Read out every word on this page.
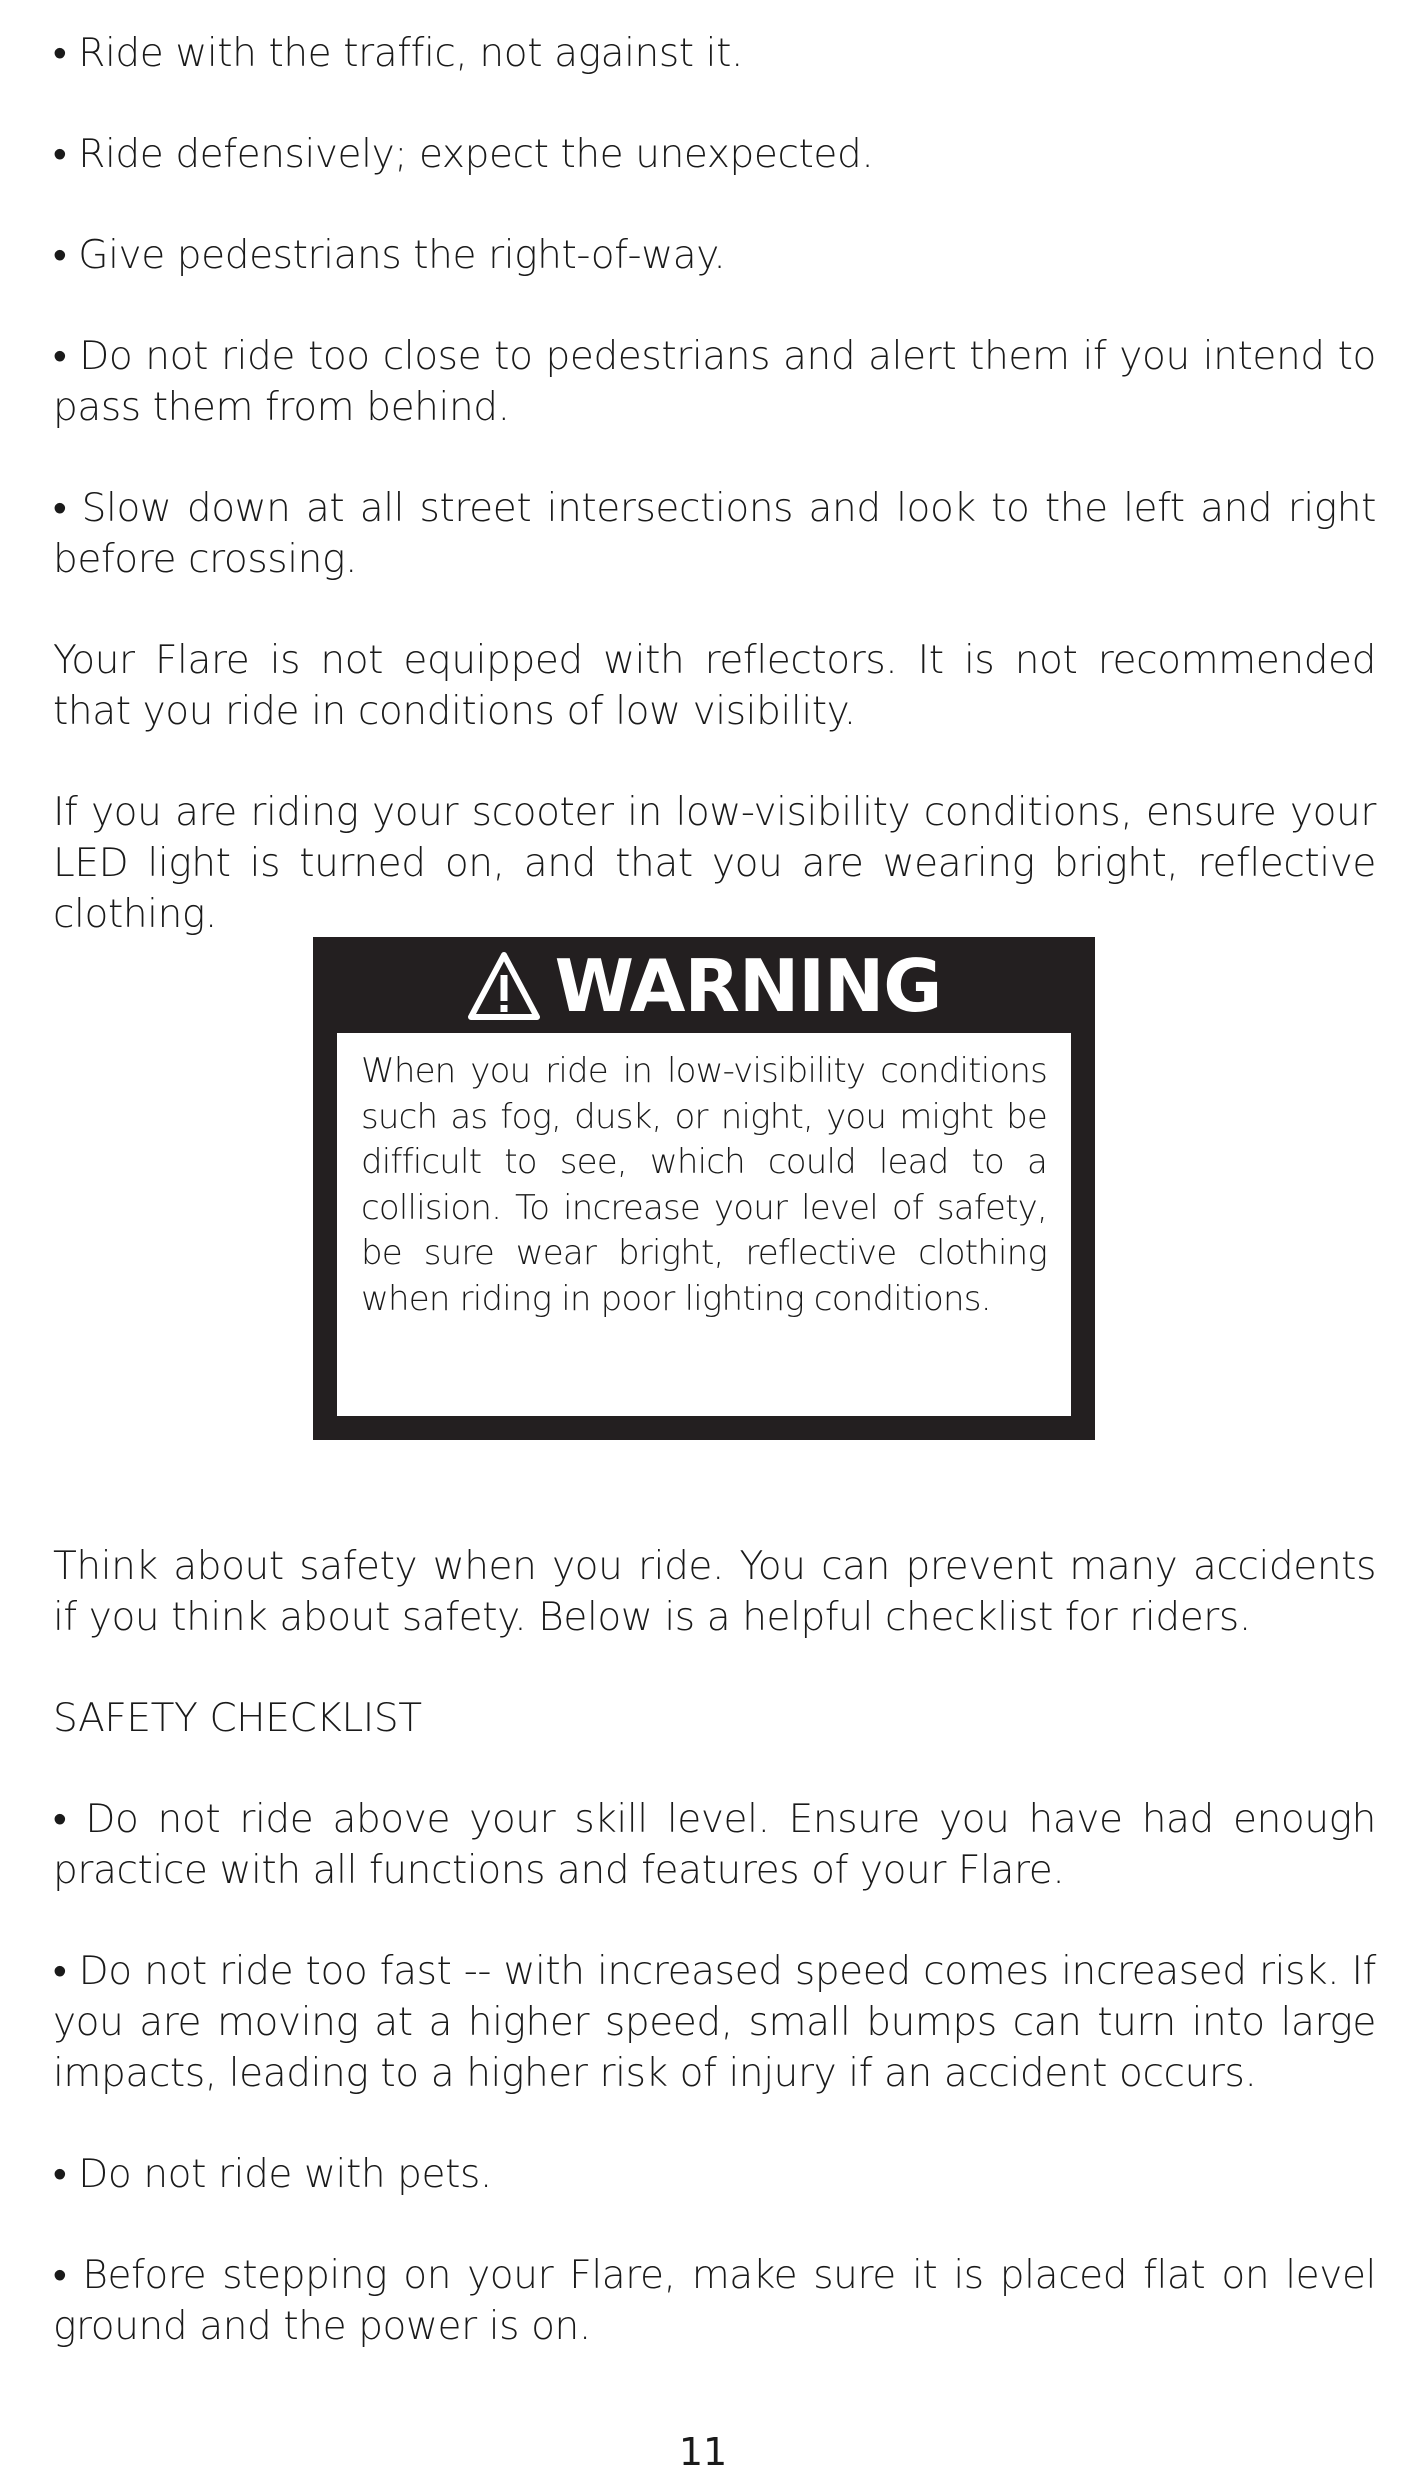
• Ride with the traffic, not against it.

• Ride defensively; expect the unexpected.

• Give pedestrians the right-of-way.

• Do not ride too close to pedestrians and alert them if you intend to pass them from behind.

• Slow down at all street intersections and look to the left and right before crossing.

Your Flare is not equipped with reflectors. It is not recommended that you ride in conditions of low visibility.

If you are riding your scooter in low-visibility conditions, ensure your LED light is turned on, and that you are wearing bright, reflective clothing.

WARNING

When you ride in low-visibility conditions such as fog, dusk, or night, you might be difficult to see, which could lead to a collision. To increase your level of safety, be sure wear bright, reflective clothing when riding in poor lighting conditions.

Think about safety when you ride. You can prevent many accidents if you think about safety. Below is a helpful checklist for riders.

SAFETY CHECKLIST

• Do not ride above your skill level. Ensure you have had enough practice with all functions and features of your Flare.

• Do not ride too fast -- with increased speed comes increased risk. If you are moving at a higher speed, small bumps can turn into large impacts, leading to a higher risk of injury if an accident occurs.

• Do not ride with pets.

• Before stepping on your Flare, make sure it is placed flat on level ground and the power is on.

11
